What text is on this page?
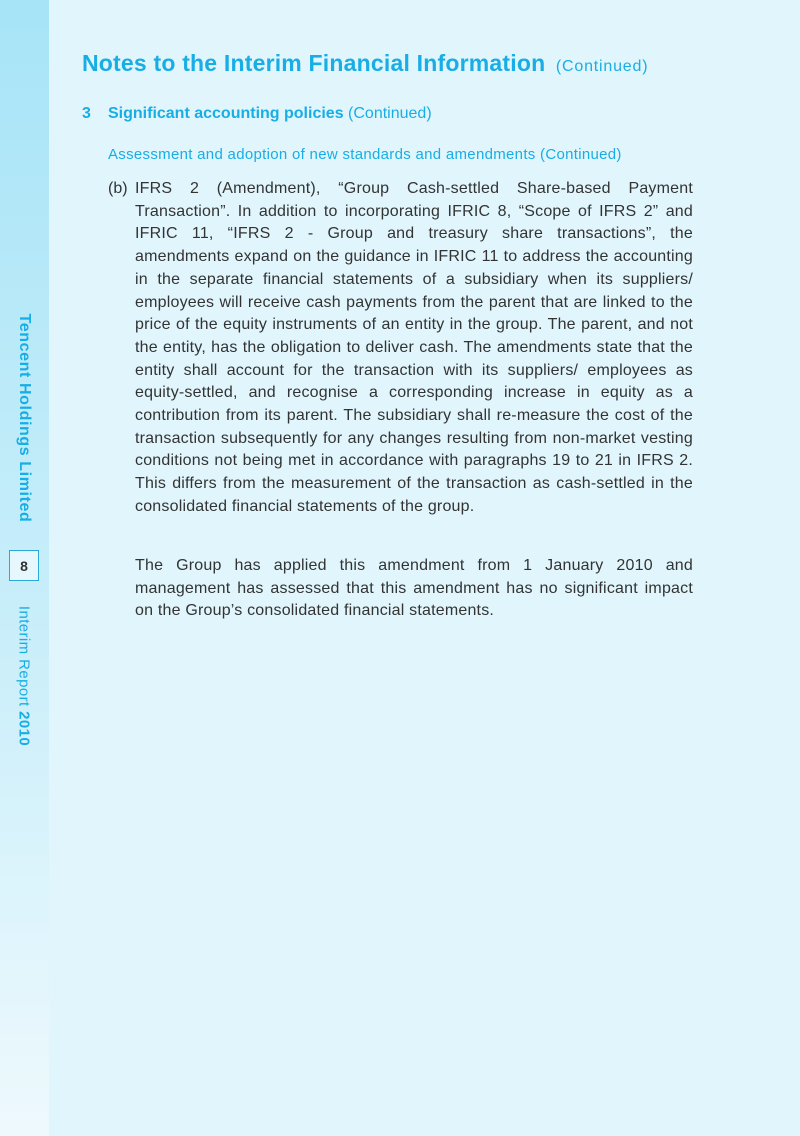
Tencent Holdings Limited
8
Interim Report 2010
Notes to the Interim Financial Information (Continued)
3 Significant accounting policies (Continued)
Assessment and adoption of new standards and amendments (Continued)
(b) IFRS 2 (Amendment), “Group Cash-settled Share-based Payment Transaction”. In addition to incorporating IFRIC 8, “Scope of IFRS 2” and IFRIC 11, “IFRS 2 - Group and treasury share transactions”, the amendments expand on the guidance in IFRIC 11 to address the accounting in the separate financial statements of a subsidiary when its suppliers/ employees will receive cash payments from the parent that are linked to the price of the equity instruments of an entity in the group. The parent, and not the entity, has the obligation to deliver cash. The amendments state that the entity shall account for the transaction with its suppliers/ employees as equity-settled, and recognise a corresponding increase in equity as a contribution from its parent. The subsidiary shall re-measure the cost of the transaction subsequently for any changes resulting from non-market vesting conditions not being met in accordance with paragraphs 19 to 21 in IFRS 2. This differs from the measurement of the transaction as cash-settled in the consolidated financial statements of the group.

The Group has applied this amendment from 1 January 2010 and management has assessed that this amendment has no significant impact on the Group’s consolidated financial statements.
